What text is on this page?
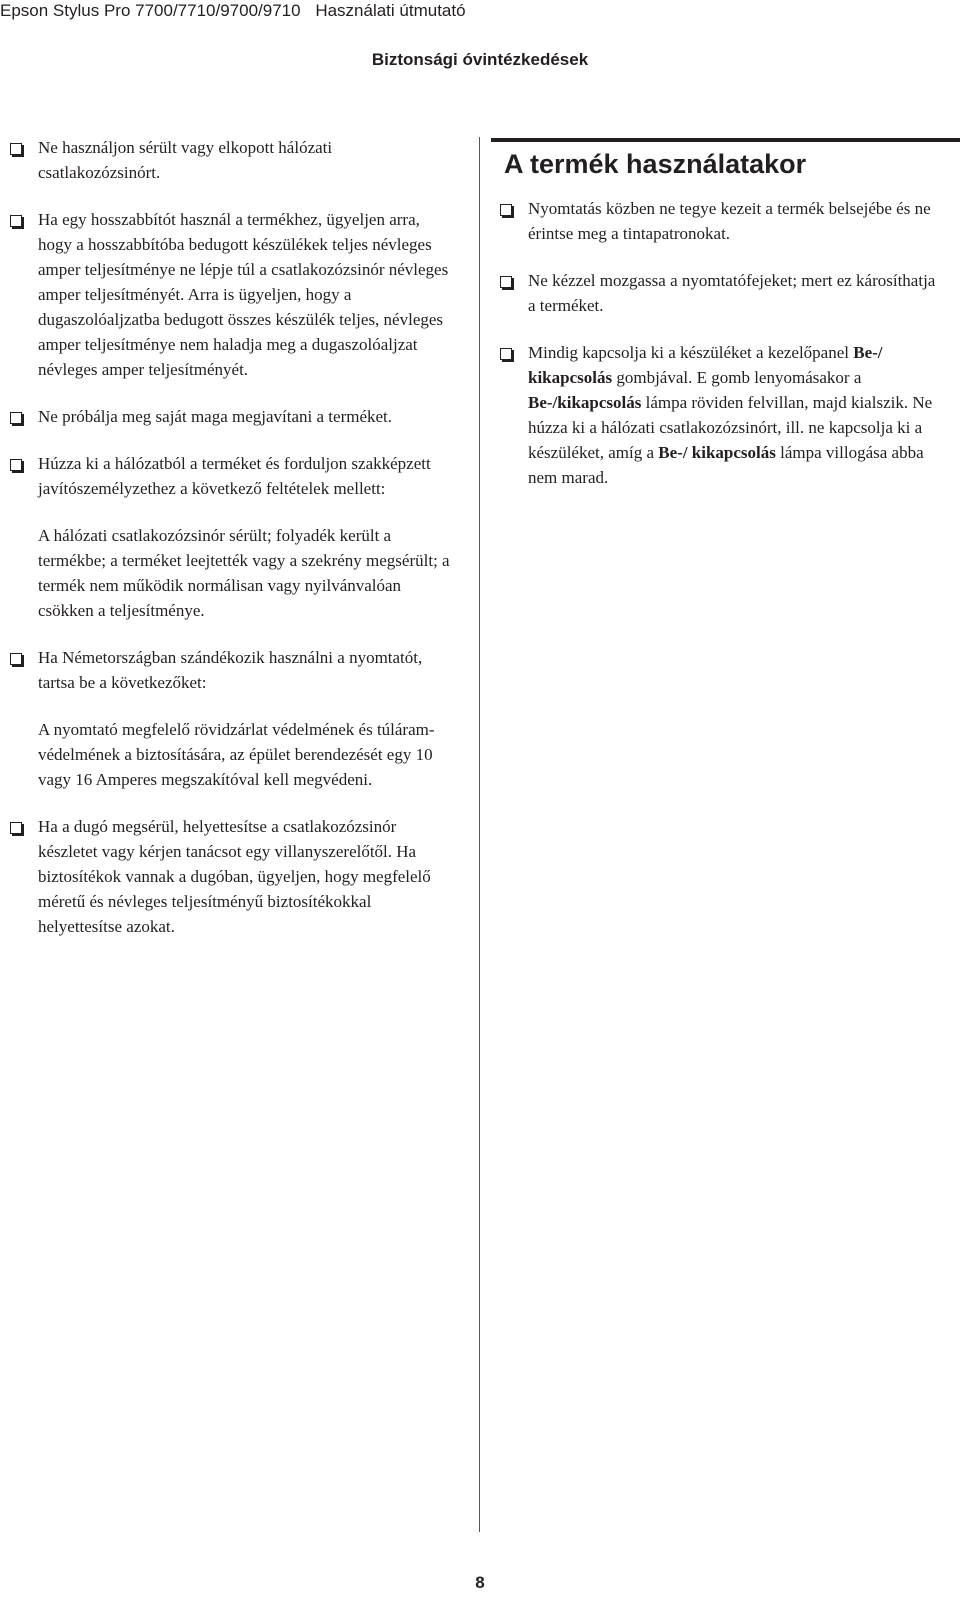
Epson Stylus Pro 7700/7710/9700/9710 Használati útmutató
Biztonsági óvintézkedések
Ne használjon sérült vagy elkopott hálózati csatlakozózsinórt.
Ha egy hosszabbítót használ a termékhez, ügyeljen arra, hogy a hosszabbítóba bedugott készülékek teljes névleges amper teljesítménye ne lépje túl a csatlakozózsinór névleges amper teljesítményét. Arra is ügyeljen, hogy a dugaszolóaljzatba bedugott összes készülék teljes, névleges amper teljesítménye nem haladja meg a dugaszolóaljzat névleges amper teljesítményét.
Ne próbálja meg saját maga megjavítani a terméket.
Húzza ki a hálózatból a terméket és forduljon szakképzett javítószemélyzethez a következő feltételek mellett:
A hálózati csatlakozózsinór sérült; folyadék került a termékbe; a terméket leejtették vagy a szekrény megsérült; a termék nem működik normálisan vagy nyilvánvalóan csökken a teljesítménye.
Ha Németországban szándékozik használni a nyomtatót, tartsa be a következőket:
A nyomtató megfelelő rövidzárlat védelmének és túláram-védelmének a biztosítására, az épület berendezését egy 10 vagy 16 Amperes megszakítóval kell megvédeni.
Ha a dugó megsérül, helyettesítse a csatlakozózsinór készletet vagy kérjen tanácsot egy villanyszerelőtől. Ha biztosítékok vannak a dugóban, ügyeljen, hogy megfelelő méretű és névleges teljesítményű biztosítékokkal helyettesítse azokat.
A termék használatakor
Nyomtatás közben ne tegye kezeit a termék belsejébe és ne érintse meg a tintapatronokat.
Ne kézzel mozgassa a nyomtatófejeket; mert ez károsíthatja a terméket.
Mindig kapcsolja ki a készüléket a kezelőpanel Be-/ kikapcsolás gombjával. E gomb lenyomásakor a Be-/kikapcsolás lámpa röviden felvillan, majd kialszik. Ne húzza ki a hálózati csatlakozózsinórt, ill. ne kapcsolja ki a készüléket, amíg a Be-/ kikapcsolás lámpa villogása abba nem marad.
8
